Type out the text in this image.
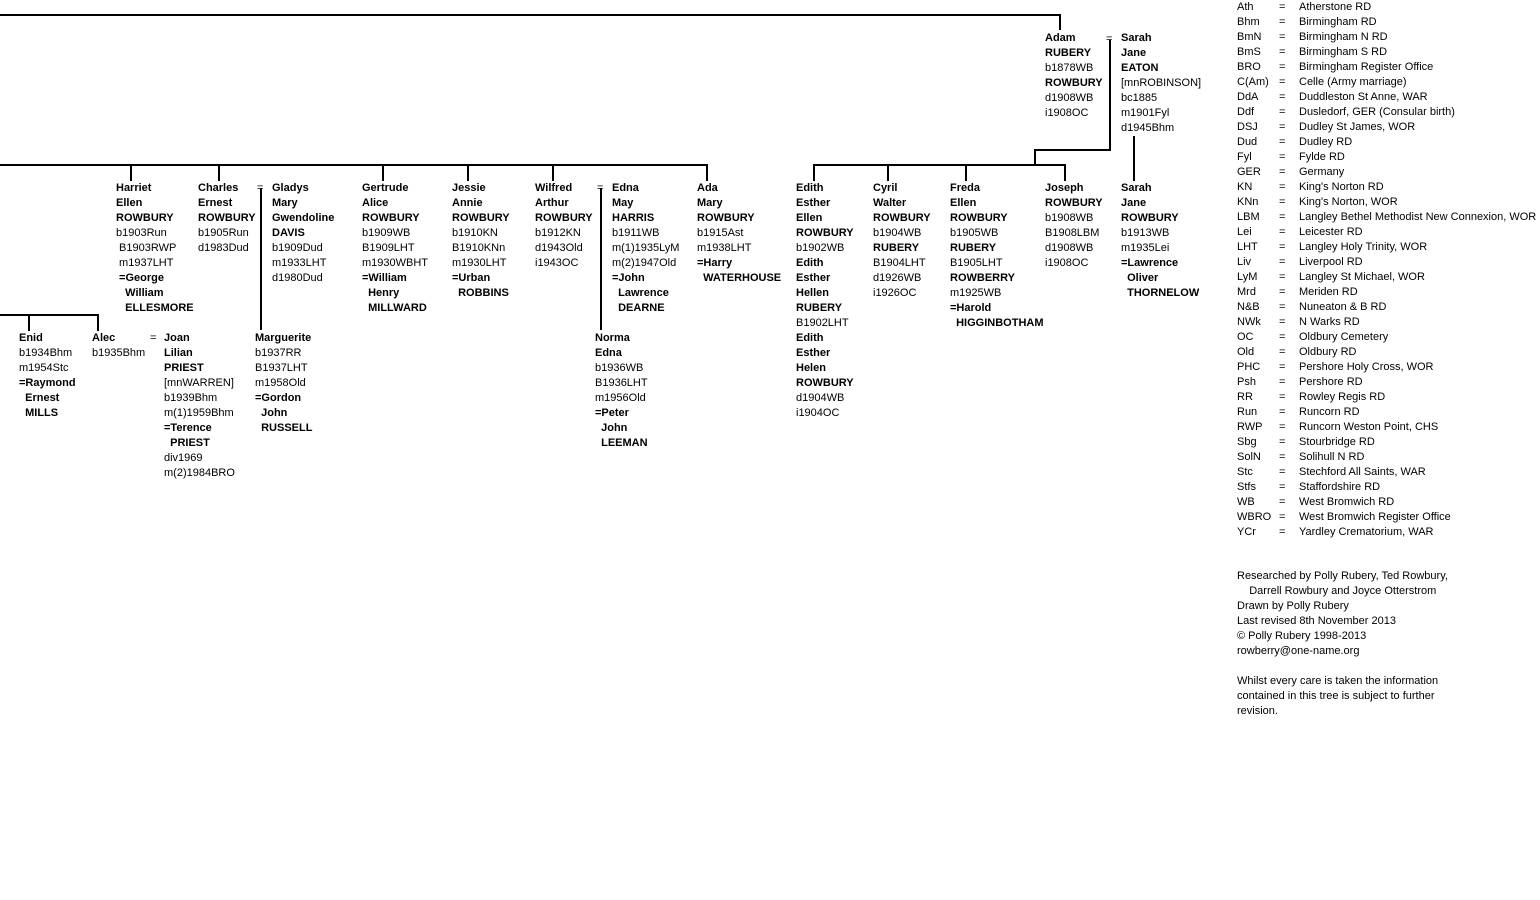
Adam
RUBERY
b1878WB
ROWBURY
d1908WB
i1908OC
Sarah
Jane
EATON
[mnROBINSON]
bc1885
m1901Fyl
d1945Bhm
Harriet
Ellen
ROWBURY
b1903Run
B1903RWP
m1937LHT
=George
William
ELLESMORE
Charles
Ernest
ROWBURY
b1905Run
d1983Dud
Gladys
Mary
Gwendoline
DAVIS
b1909Dud
m1933LHT
d1980Dud
Gertrude
Alice
ROWBURY
b1909WB
B1909LHT
m1930WBHT
=William
Henry
MILLWARD
Jessie
Annie
ROWBURY
b1910KN
B1910KNn
m1930LHT
=Urban
ROBBINS
Wilfred
Arthur
ROWBURY
b1912KN
d1943Old
i1943OC
Edna
May
HARRIS
b1911WB
m(1)1935LyM
m(2)1947Old
=John
Lawrence
DEARNE
Ada
Mary
ROWBURY
b1915Ast
m1938LHT
=Harry
WATERHOUSE
Edith
Esther
Ellen
ROWBURY
b1902WB
Edith
Esther
Hellen
RUBERY
B1902LHT
Edith
Esther
Helen
ROWBURY
d1904WB
i1904OC
Cyril
Walter
ROWBURY
b1904WB
RUBERY
B1904LHT
d1926WB
i1926OC
Freda
Ellen
ROWBURY
b1905WB
RUBERY
B1905LHT
ROWBERRY
m1925WB
=Harold
HIGGINBOTHAM
Joseph
ROWBURY
b1908WB
B1908LBM
d1908WB
i1908OC
Sarah
Jane
ROWBURY
b1913WB
m1935Lei
=Lawrence
Oliver
THORNELOW
Enid
b1934Bhm
m1954Stc
=Raymond
Ernest
MILLS
Alec
b1935Bhm
Joan
Lilian
PRIEST
[mnWARREN]
b1939Bhm
m(1)1959Bhm
=Terence
PRIEST
div1969
m(2)1984BRO
Marguerite
b1937RR
B1937LHT
m1958Old
=Gordon
John
RUSSELL
Norma
Edna
b1936WB
B1936LHT
m1956Old
=Peter
John
LEEMAN
=
=	=
=
Ath = Atherstone RD
Bhm = Birmingham RD
BmN = Birmingham N RD
BmS = Birmingham S RD
BRO = Birmingham Register Office
C(Am) = Celle (Army marriage)
DdA = Duddleston St Anne, WAR
Ddf = Dusledorf, GER (Consular birth)
DSJ = Dudley St James, WOR
Dud = Dudley RD
Fyl = Fylde RD
GER = Germany
KN = King's Norton RD
KNn = King's Norton, WOR
LBM = Langley Bethel Methodist New Connexion, WOR
Lei = Leicester RD
LHT = Langley Holy Trinity, WOR
Liv	= Liverpool RD
LyM = Langley St Michael, WOR
Mrd = Meriden RD
N&B = Nuneaton & B RD
NWk = N Warks RD
OC = Oldbury Cemetery
Old = Oldbury RD
PHC = Pershore Holy Cross, WOR
Psh = Pershore RD
RR = Rowley Regis RD
Run = Runcorn RD
RWP = Runcorn Weston Point, CHS
Sbg = Stourbridge RD
SolN = Solihull N RD
Stc = Stechford All Saints, WAR
Stfs = Staffordshire RD
WB = West Bromwich RD
WBRO = West Bromwich Register Office
YCr = Yardley Crematorium, WAR
Researched by Polly Rubery, Ted Rowbury,
Darrell Rowbury and Joyce Otterstrom
Drawn by Polly Rubery
Last revised 8th November 2013
© Polly Rubery 1998-2013
rowberry@one-name.org
Whilst every care is taken the information
contained in this tree is subject to further
revision.
